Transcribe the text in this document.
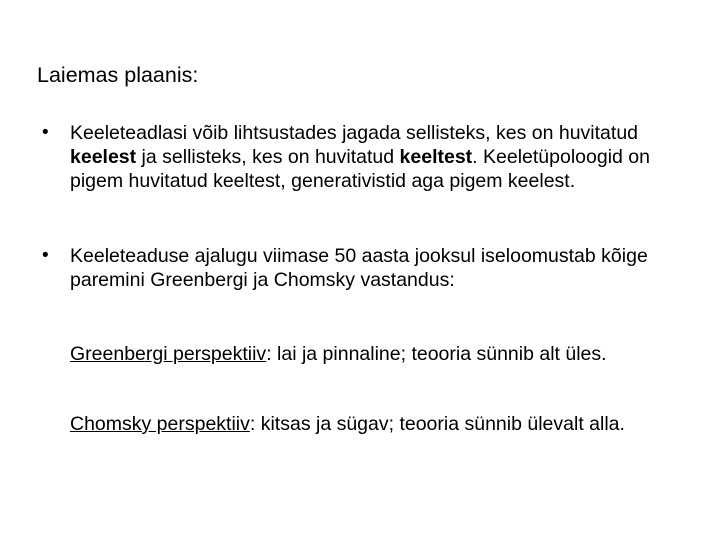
Laiemas plaanis:
•	Keeleteadlasi võib lihtsustades jagada sellisteks, kes on huvitatud keelest ja sellisteks, kes on huvitatud keeltest. Keeletüpoloogid on pigem huvitatud keeltest, generativistid aga pigem keelest.
•	Keeleteaduse ajalugu viimase 50 aasta jooksul iseloomustab kõige paremini Greenbergi ja Chomsky vastandus:
Greenbergi perspektiiv: lai ja pinnaline; teooria sünnib alt üles.
Chomsky perspektiiv: kitsas ja sügav; teooria sünnib ülevalt alla.
